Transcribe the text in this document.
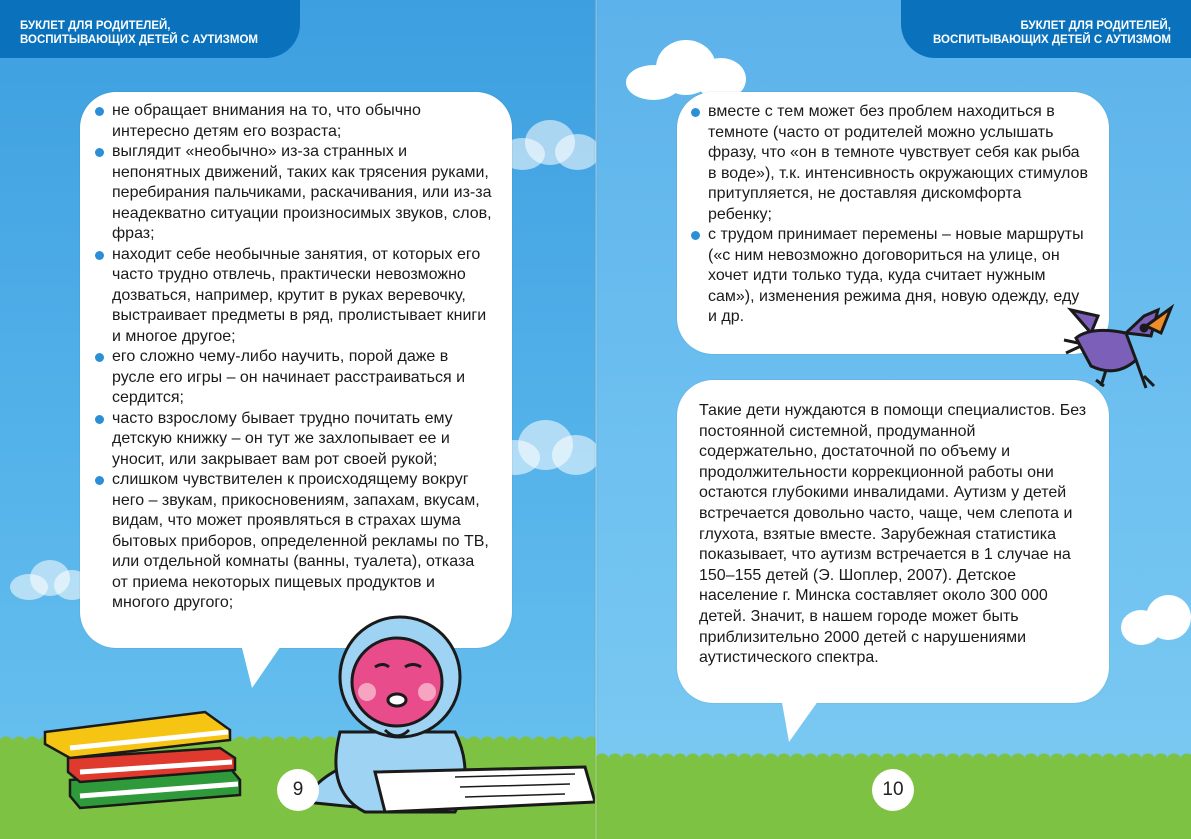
БУКЛЕТ ДЛЯ РОДИТЕЛЕЙ,
ВОСПИТЫВАЮЩИХ ДЕТЕЙ С АУТИЗМОМ
не обращает внимания на то, что обычно интересно детям его возраста;
выглядит «необычно» из-за странных и непонятных движений, таких как трясения руками, перебирания пальчиками, раскачивания, или из-за неадекватно ситуации произносимых звуков, слов, фраз;
находит себе необычные занятия, от которых его часто трудно отвлечь, практически невозможно дозваться, например, крутит в руках веревочку, выстраивает предметы в ряд, пролистывает книги и многое другое;
его сложно чему-либо научить, порой даже в русле его игры – он начинает расстраиваться и сердится;
часто взрослому бывает трудно почитать ему детскую книжку – он тут же захлопывает ее и уносит, или закрывает вам рот своей рукой;
слишком чувствителен к происходящему вокруг него – звукам, прикосновениям, запахам, вкусам, видам, что может проявляться в страхах шума бытовых приборов, определенной рекламы по ТВ, или отдельной комнаты (ванны, туалета), отказа от приема некоторых пищевых продуктов и многого другого;
9
БУКЛЕТ ДЛЯ РОДИТЕЛЕЙ,
ВОСПИТЫВАЮЩИХ ДЕТЕЙ С АУТИЗМОМ
вместе с тем может без проблем находиться в темноте (часто от родителей можно услышать фразу, что «он в темноте чувствует себя как рыба в воде»), т.к. интенсивность окружающих стимулов притупляется, не доставляя дискомфорта ребенку;
с трудом принимает перемены – новые маршруты («с ним невозможно договориться на улице, он хочет идти только туда, куда считает нужным сам»), изменения режима дня, новую одежду, еду и др.

Такие дети нуждаются в помощи специалистов. Без постоянной системной, продуманной содержательно, достаточной по объему и продолжительности коррекционной работы они остаются глубокими инвалидами. Аутизм у детей встречается довольно часто, чаще, чем слепота и глухота, взятые вместе. Зарубежная статистика показывает, что аутизм встречается в 1 случае на 150–155 детей (Э. Шоплер, 2007). Детское население г. Минска составляет около 300 000 детей. Значит, в нашем городе может быть приблизительно 2000 детей с нарушениями аутистического спектра.

10
